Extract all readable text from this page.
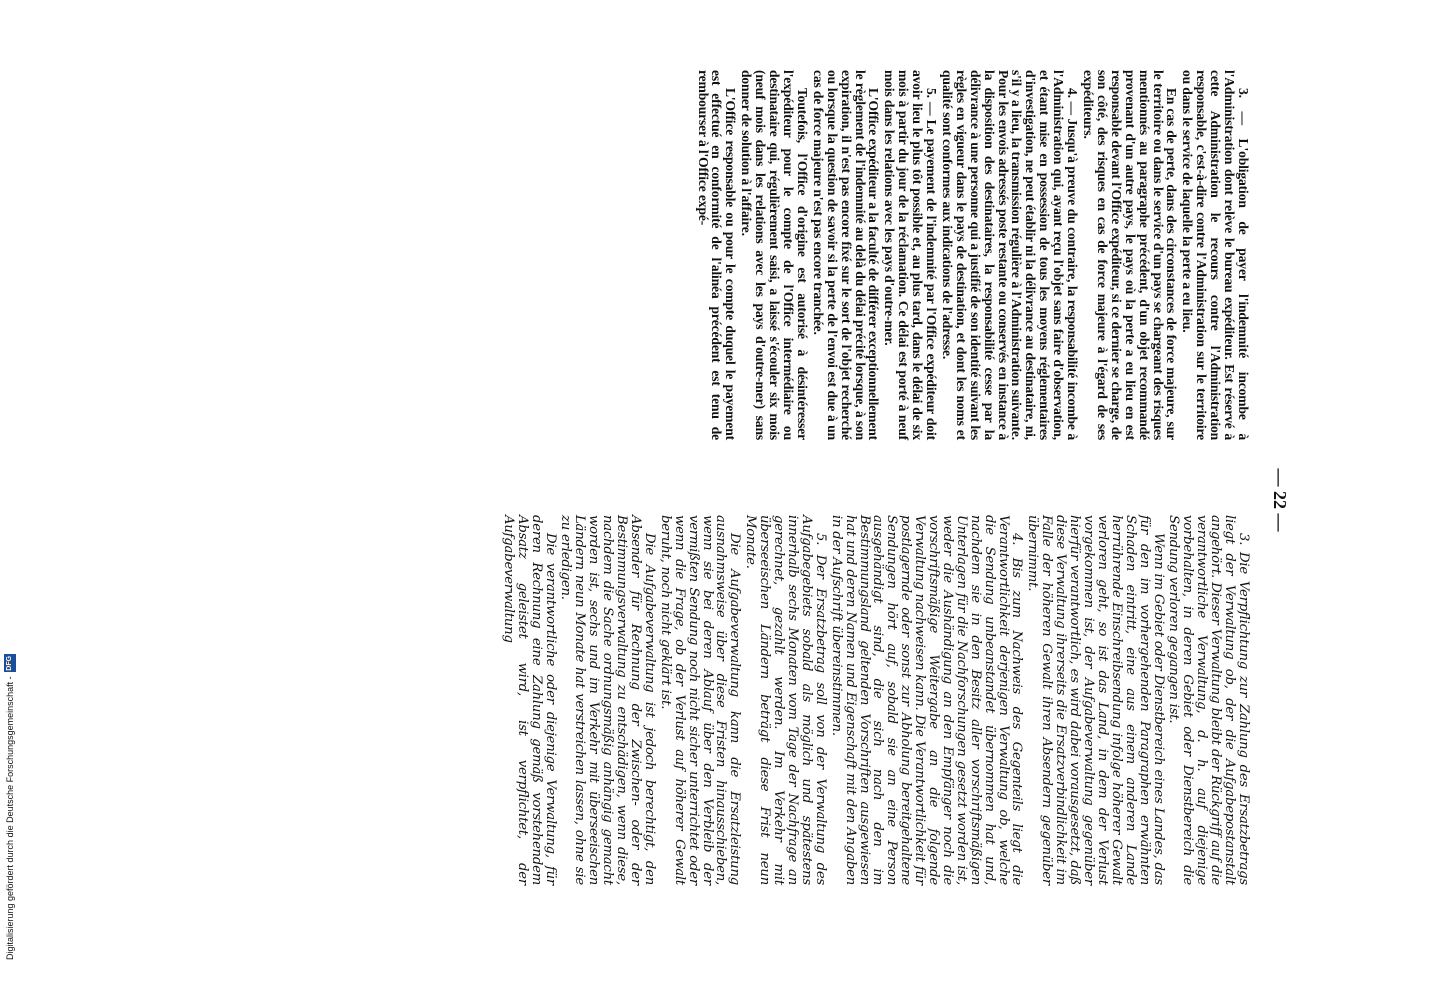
— 22 —

3. — L'obligation de payer l'indemnité incombe à l'Administration dont relève le bureau expéditeur. Est réservé à cette Administration le recours contre l'Administration responsable, c'est-à-dire contre l'Administration sur le territoire ou dans le service de laquelle la perte a eu lieu.

En cas de perte, dans des circonstances de force majeure, sur le territoire ou dans le service d'un pays se chargeant des risques mentionnés au paragraphe précédent, d'un objet recommandé provenant d'un autre pays, le pays où la perte a eu lieu en est responsable devant l'Office expéditeur, si ce dernier se charge, de son côté, des risques en cas de force majeure à l'égard de ses expéditeurs.

4. — Jusqu'à preuve du contraire, la responsabilité incombe à l'Administration qui, ayant reçu l'objet sans faire d'observation, et étant mise en possession de tous les moyens réglementaires d'investigation, ne peut établir ni la délivrance au destinataire, ni, s'il y a lieu, la transmission régulière à l'Administration suivante. Pour les envois adressés poste restante ou conservés en instance à la disposition des destinataires, la responsabilité cesse par la délivrance à une personne qui a justifié de son identité suivant les règles en vigueur dans le pays de destination, et dont les noms et qualité sont conformes aux indications de l'adresse.

5. — Le payement de l'indemnité par l'Office expéditeur doit avoir lieu le plus tôt possible et, au plus tard, dans le délai de six mois à partir du jour de la réclamation. Ce délai est porté à neuf mois dans les relations avec les pays d'outre-mer.

L'Office expéditeur a la faculté de différer exceptionnellement le règlement de l'indemnité au delà du délai précité lorsque, à son expiration, il n'est pas encore fixé sur le sort de l'objet recherché ou lorsque la question de savoir si la perte de l'envoi est due à un cas de force majeure n'est pas encore tranchée.

Toutefois, l'Office d'origine est autorisé à désintéresser l'expéditeur pour le compte de l'Office intermédiaire ou destinataire qui, régulièrement saisi, a laissé s'écouler six mois (neuf mois dans les relations avec les pays d'outre-mer) sans donner de solution à l'affaire.

L'Office responsable ou pour le compte duquel le payement est effectué en conformité de l'alinéa précédent est tenu de rembourser à l'Office expé-

3. Die Verpflichtung zur Zahlung des Ersatzbetrags liegt der Verwaltung ob, der die Aufgabepostanstalt angehört. Dieser Verwaltung bleibt der Rückgriff auf die verantwortliche Verwaltung, d. h. auf diejenige vorbehalten, in deren Gebiet oder Dienstbereich die Sendung verloren gegangen ist.

Wenn im Gebiet oder Dienstbereich eines Landes, das für den im vorhergehenden Paragraphen erwähnten Schaden eintritt, eine aus einem anderen Lande herrührende Einschreibsendung infolge höherer Gewalt verloren geht, so ist das Land, in dem der Verlust vorgekommen ist, der Aufgabeverwaltung gegenüber hierfür verantwortlich, es wird dabei vorausgesetzt, daß diese Verwaltung ihrerseits die Ersatzverbindlichkeit im Falle der höheren Gewalt ihren Absendern gegenüber übernimmt.

4. Bis zum Nachweis des Gegenteils liegt die Verantwortlichkeit derjenigen Verwaltung ob, welche die Sendung unbeanstandet übernommen hat und, nachdem sie in den Besitz aller vorschriftsmäßigen Unterlagen für die Nachforschungen gesetzt worden ist, weder die Aushändigung an den Empfänger noch die vorschriftsmäßige Weitergabe an die folgende Verwaltung nachweisen kann. Die Verantwortlichkeit für postlagernde oder sonst zur Abholung bereitgehaltene Sendungen hört auf, sobald sie an eine Person ausgehändigt sind, die sich nach den im Bestimmungsland geltenden Vorschriften ausgewiesen hat und deren Namen und Eigenschaft mit den Angaben in der Aufschrift übereinstimmen.

5. Der Ersatzbetrag soll von der Verwaltung des Aufgabegebiets sobald als möglich und spätestens innerhalb sechs Monaten vom Tage der Nachfrage an gerechnet, gezahlt werden. Im Verkehr mit überseeischen Ländern beträgt diese Frist neun Monate.

Die Aufgabeverwaltung kann die Ersatzleistung ausnahmsweise über diese Fristen hinausschieben, wenn sie bei deren Ablauf über den Verbleib der vermißten Sendung noch nicht sicher unterrichtet oder wenn die Frage, ob der Verlust auf höherer Gewalt beruht, noch nicht geklärt ist.

Die Aufgabeverwaltung ist jedoch berechtigt, den Absender für Rechnung der Zwischen- oder der Bestimmungsverwaltung zu entschädigen, wenn diese, nachdem die Sache ordnungsmäßig anhängig gemacht worden ist, sechs und im Verkehr mit überseeischen Ländern neun Monate hat verstreichen lassen, ohne sie zu erledigen.

Die verantwortliche oder diejenige Verwaltung, für deren Rechnung eine Zahlung gemäß vorstehendem Absatz geleistet wird, ist verpflichtet, der Aufgabeverwaltung

Digitalisierung gefördert durch die Deutsche Forschungsgemeinschaft -
DFG
